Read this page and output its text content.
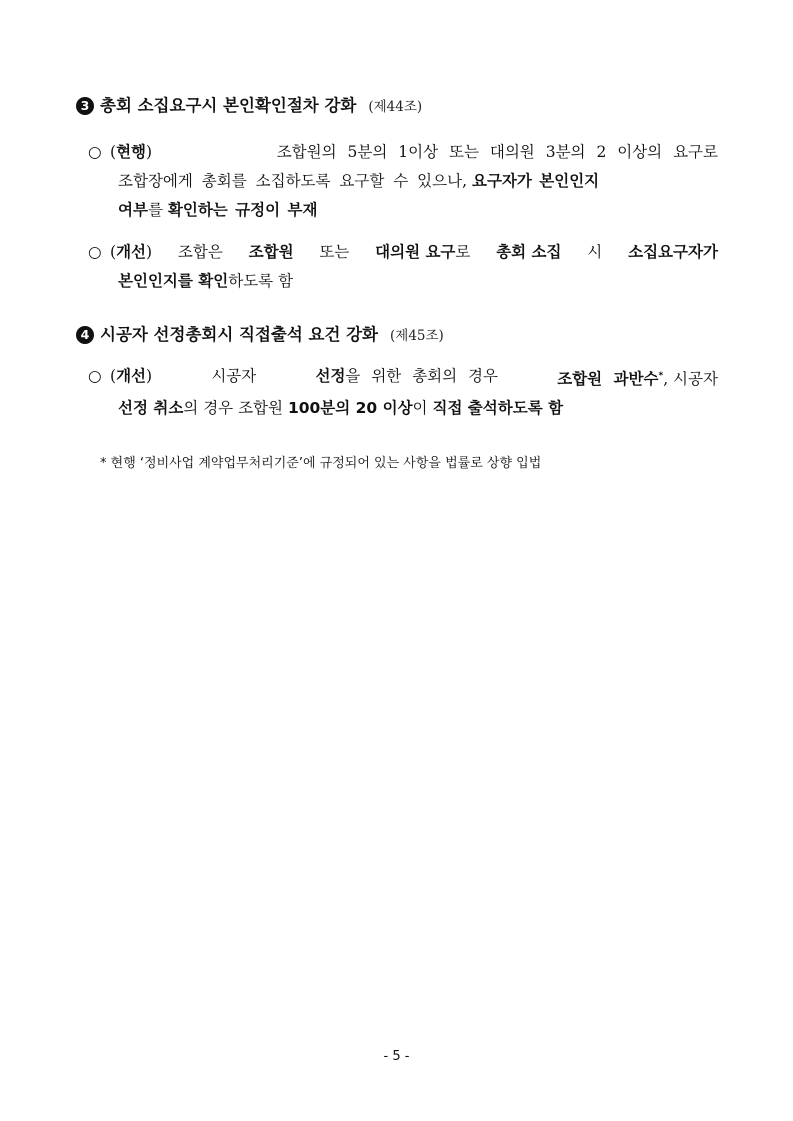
3 총회 소집요구시 본인확인절차 강화 (제44조)
○ (현행)	조합원의 5분의 1이상 또는 대의원 3분의 2 이상의 요구로
조합장에게 총회를 소집하도록 요구할 수 있으나,
요구자가 본인인지
여부 를
확인하는 규정이 부재
○ (개선) 조합은 조합원 또는 대의원 요구로 총회 소집 시 소집요구자가
본인인지를 확인 하도록 함
4 시공자 선정총회시 직접출석 요건 강화 (제45조)
○ (개선)	시공자	선정을 위한 총회의 경우	조합원 과반수*, 시공자
선정 취소 의 경우 조합원
100분의 20 이상 이
직접 출석하도록 함
* 현행 ‘정비사업 계약업무처리기준’에 규정되어 있는 사항을 법률로 상향 입법
- 5 -
